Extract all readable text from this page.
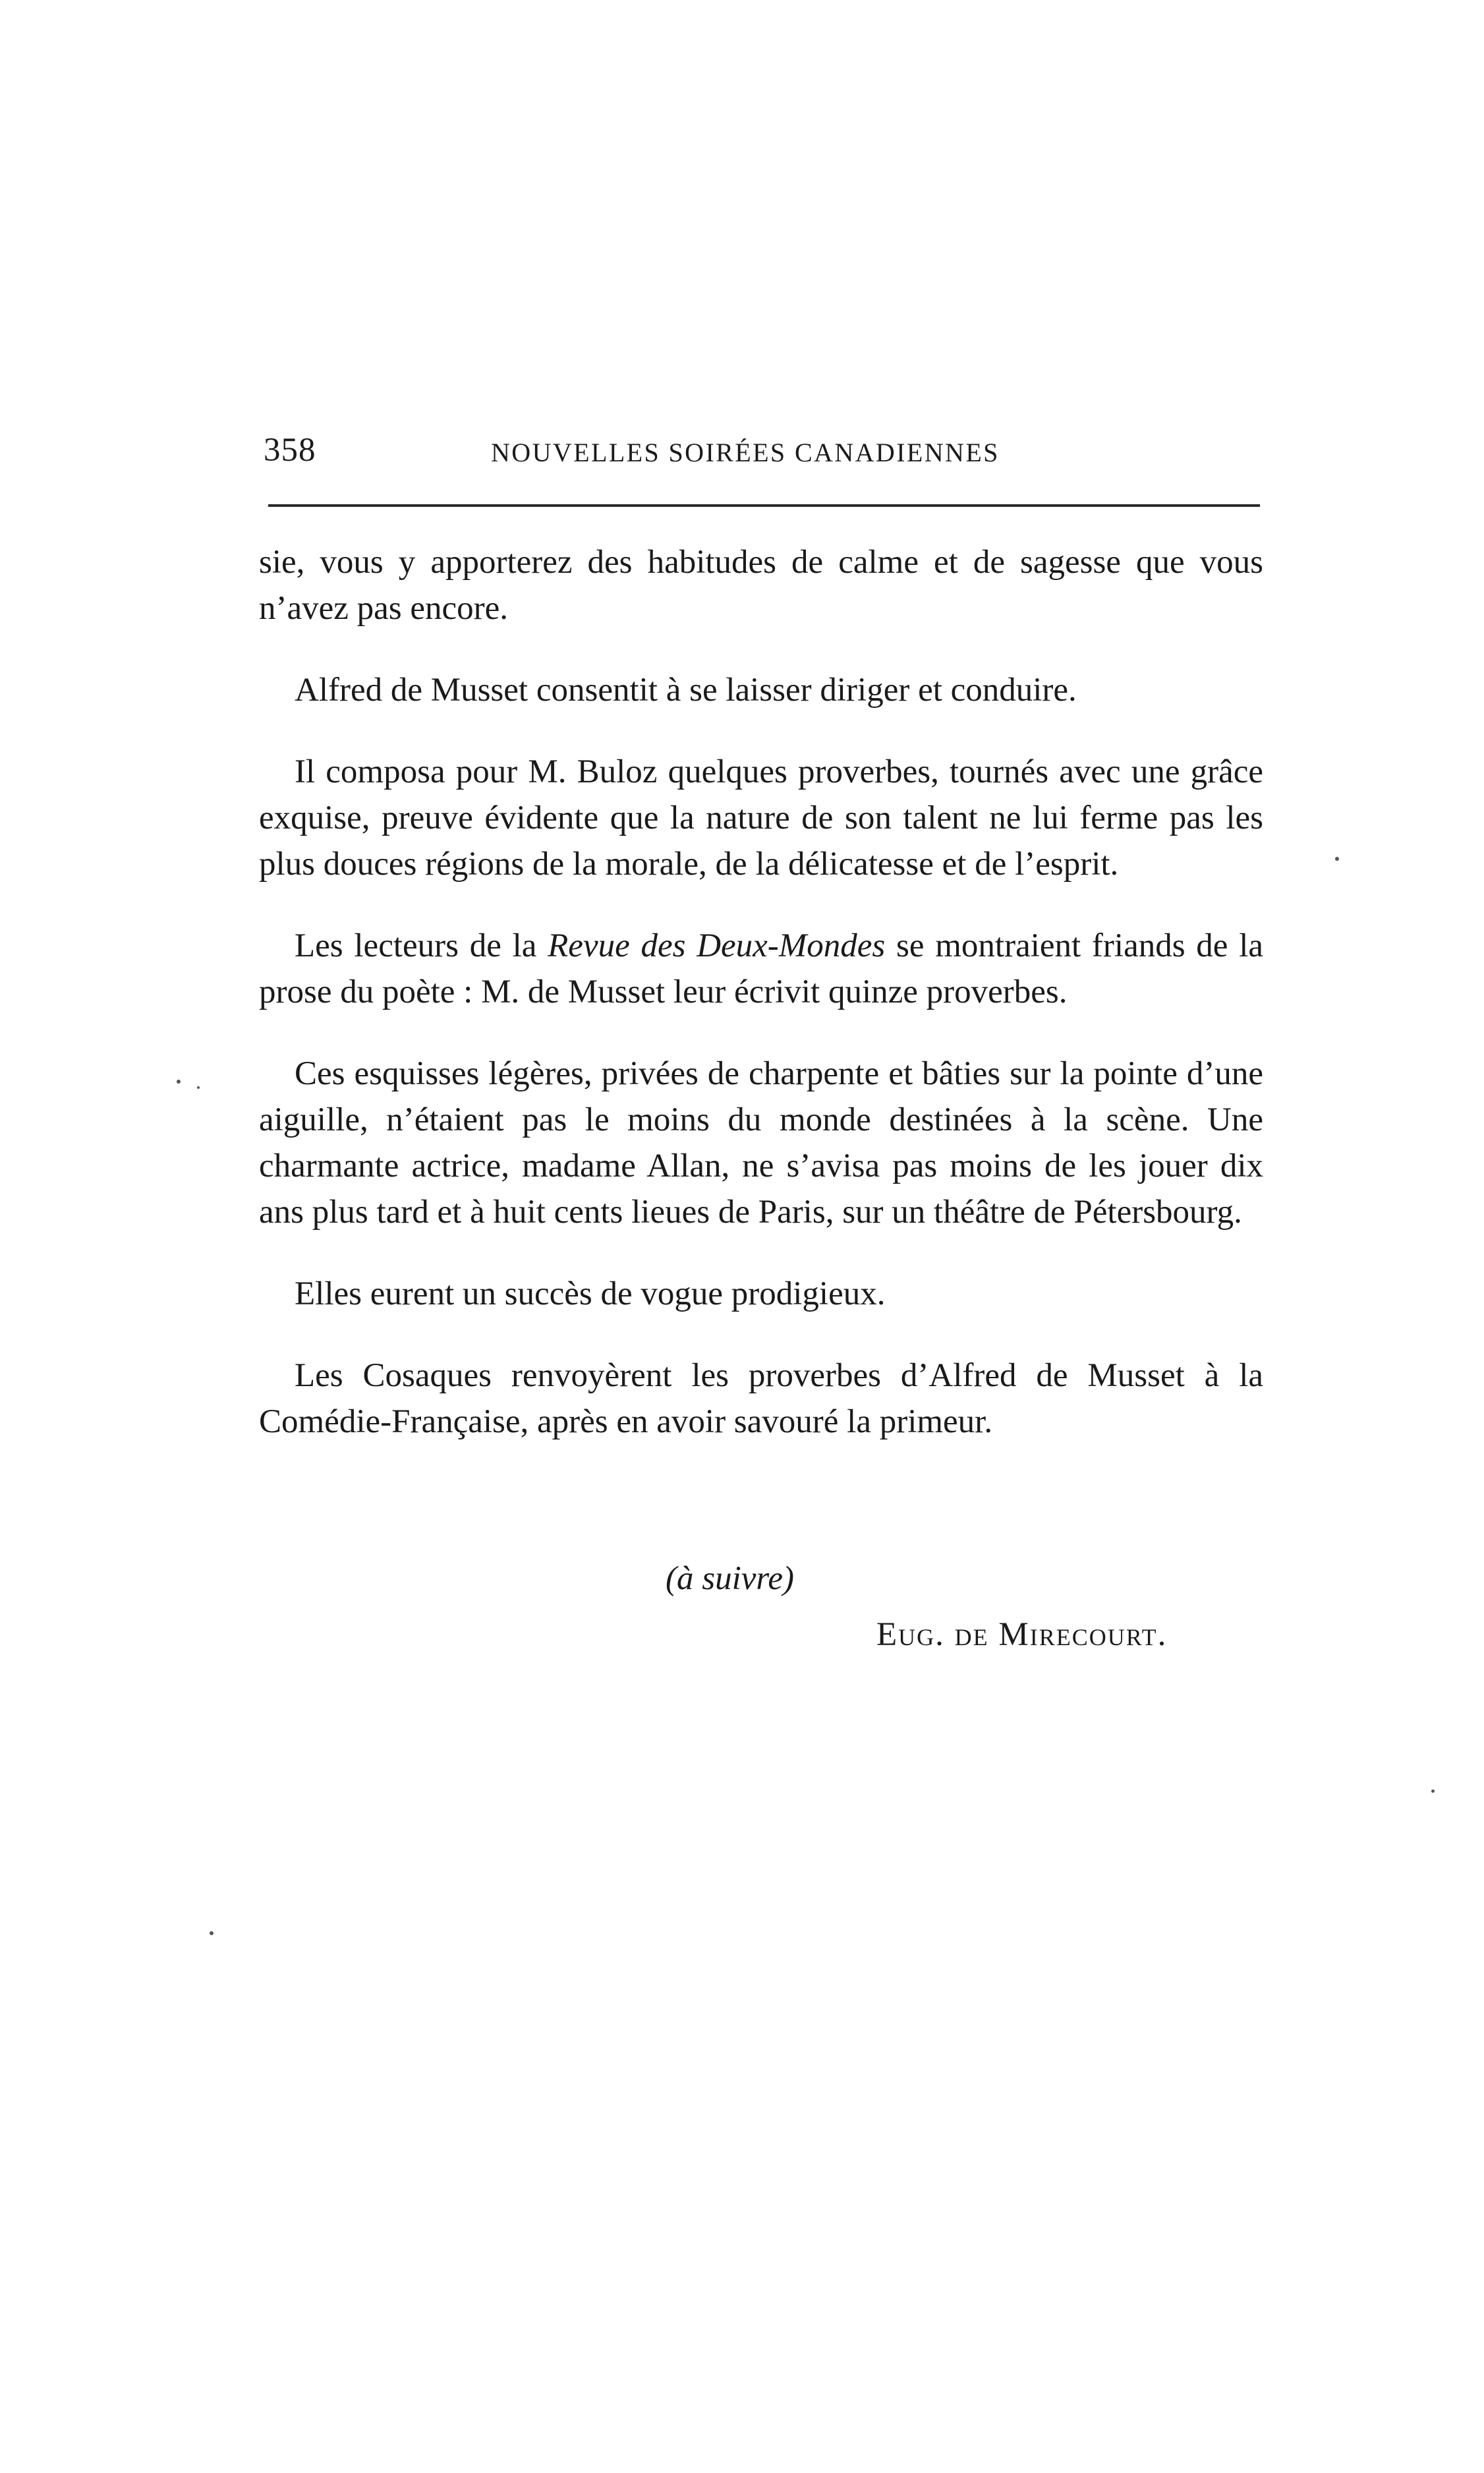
358	NOUVELLES SOIRÉES CANADIENNES

sie, vous y apporterez des habitudes de calme et de sagesse que vous n’avez pas encore.

Alfred de Musset consentit à se laisser diriger et conduire.

Il composa pour M. Buloz quelques proverbes, tournés avec une grâce exquise, preuve évidente que la nature de son talent ne lui ferme pas les plus douces régions de la morale, de la délicatesse et de l’esprit.

Les lecteurs de la Revue des Deux-Mondes se montraient friands de la prose du poète : M. de Musset leur écrivit quinze proverbes.

Ces esquisses légères, privées de charpente et bâties sur la pointe d’une aiguille, n’étaient pas le moins du monde destinées à la scène. Une charmante actrice, madame Allan, ne s’avisa pas moins de les jouer dix ans plus tard et à huit cents lieues de Paris, sur un théâtre de Pétersbourg.

Elles eurent un succès de vogue prodigieux.

Les Cosaques renvoyèrent les proverbes d’Alfred de Musset à la Comédie-Française, après en avoir savouré la primeur.

(à suivre)
Eug. de Mirecourt.
